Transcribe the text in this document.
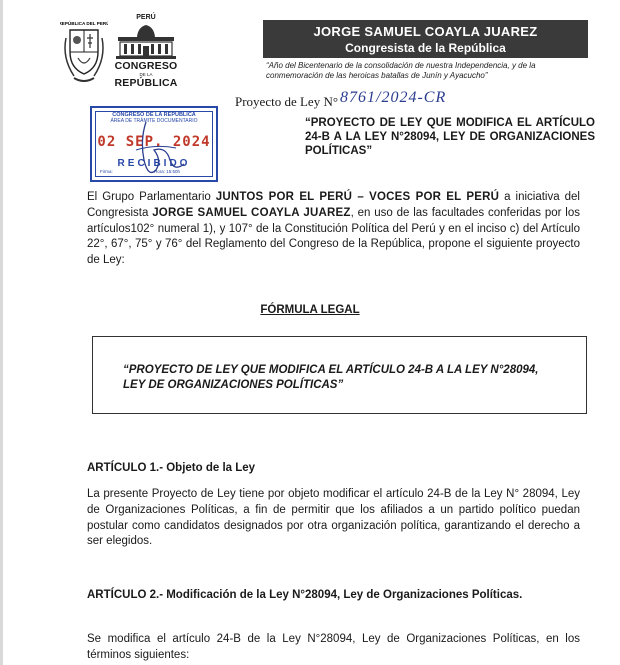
REPÚBLICA DEL PERÚ
PERÚ
CONGRESO
DE LA
REPÚBLICA
JORGE SAMUEL COAYLA JUAREZ
Congresista de la República
“Año del Bicentenario de la consolidación de nuestra Independencia, y de la conmemoración de las heroicas batallas de Junín y Ayacucho”
CONGRESO DE LA REPUBLICA
ÁREA DE TRÁMITE DOCUMENTARIO
02 SEP. 2024
RECIBIDO
Firma:	Hora: 15:50h
Proyecto de Ley N° 8761/2024-CR
“PROYECTO DE LEY QUE MODIFICA EL ARTÍCULO 24-B A LA LEY N°28094, LEY DE ORGANIZACIONES POLÍTICAS”
El Grupo Parlamentario JUNTOS POR EL PERÚ – VOCES POR EL PERÚ a iniciativa del Congresista JORGE SAMUEL COAYLA JUAREZ, en uso de las facultades conferidas por los artículos102° numeral 1), y 107° de la Constitución Política del Perú y en el inciso c) del Artículo 22°, 67°, 75° y 76° del Reglamento del Congreso de la República, propone el siguiente proyecto de Ley:
FÓRMULA LEGAL
“PROYECTO DE LEY QUE MODIFICA EL ARTÍCULO 24-B A LA LEY N°28094, LEY DE ORGANIZACIONES POLÍTICAS”
ARTÍCULO 1.- Objeto de la Ley
La presente Proyecto de Ley tiene por objeto modificar el artículo 24-B de la Ley N° 28094, Ley de Organizaciones Políticas, a fin de permitir que los afiliados a un partido político puedan postular como candidatos designados por otra organización política, garantizando el derecho a ser elegidos.
ARTÍCULO 2.- Modificación de la Ley N°28094, Ley de Organizaciones Políticas.
Se modifica el artículo 24-B de la Ley N°28094, Ley de Organizaciones Políticas, en los términos siguientes:
